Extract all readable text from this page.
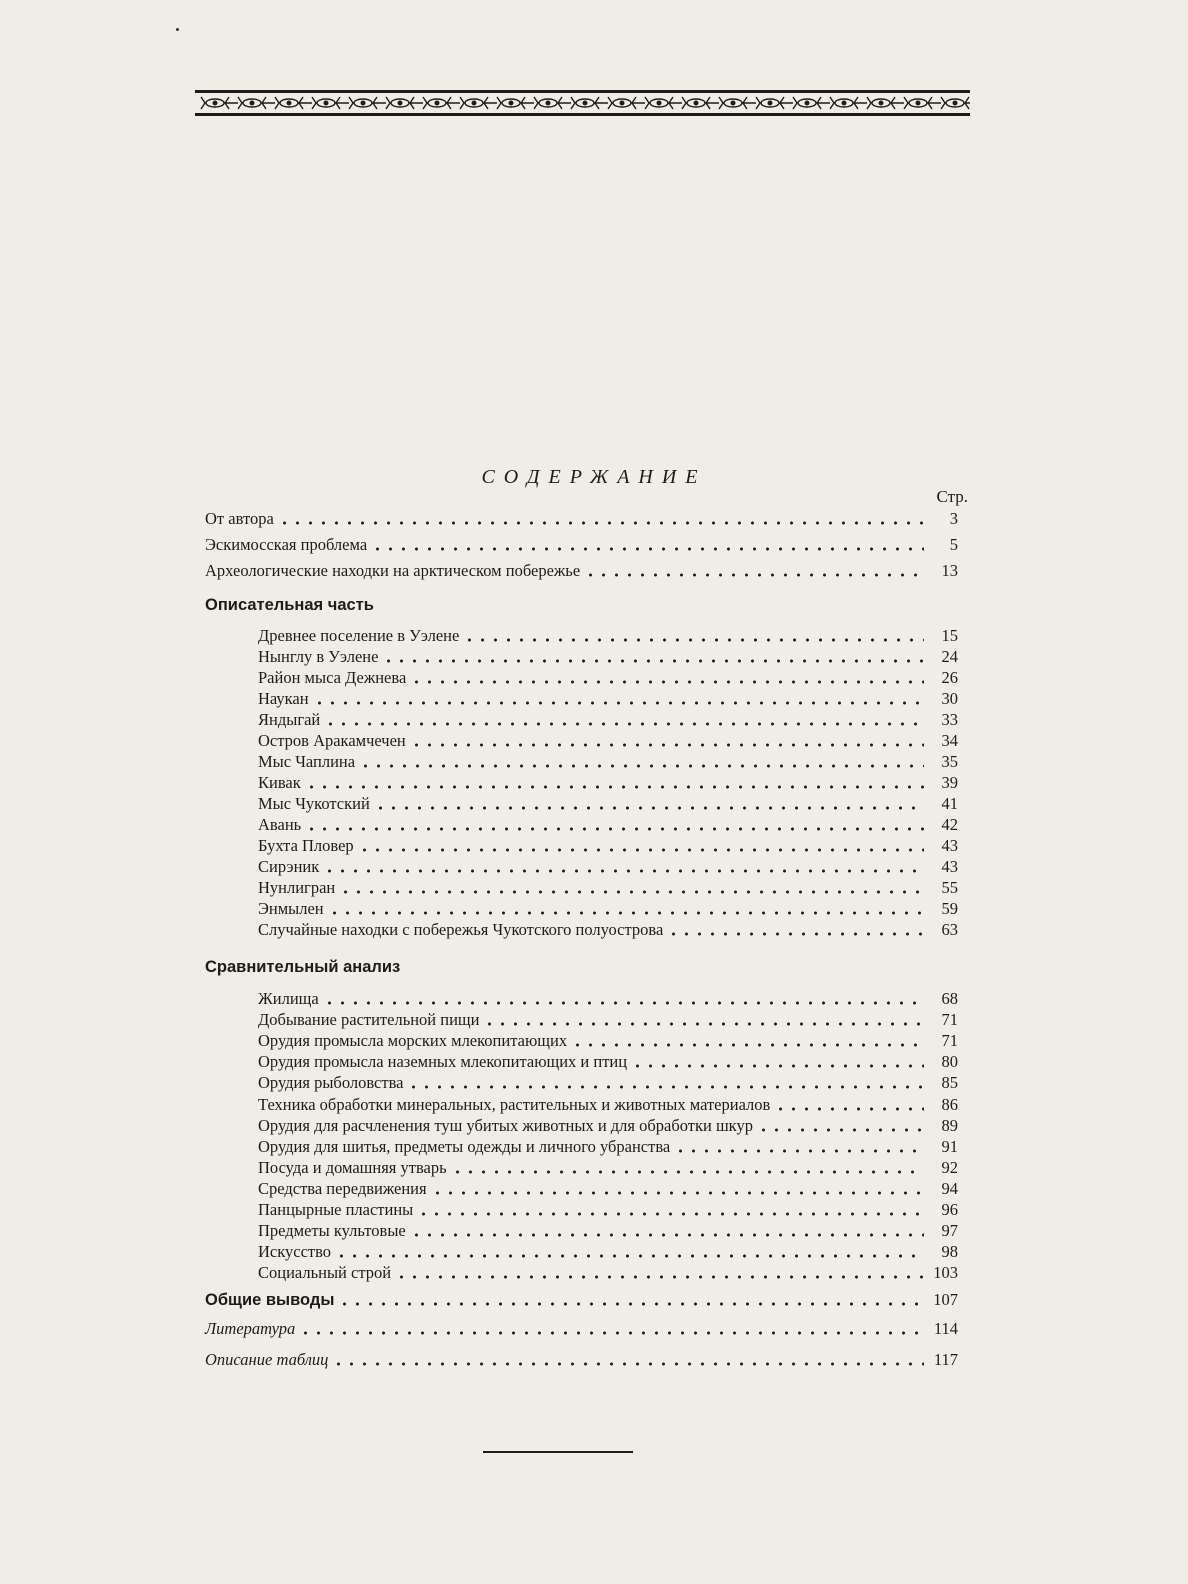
СОДЕРЖАНИЕ
Стр.
От автора	3
Эскимосская проблема	5
Археологические находки на арктическом побережье	13
Описательная часть
Древнее поселение в Уэлене	15
Нынглу в Уэлене	24
Район мыса Дежнева	26
Наукан	30
Яндыгай	33
Остров Аракамчечен	34
Мыс Чаплина	35
Кивак	39
Мыс Чукотский	41
Авань	42
Бухта Пловер	43
Сирэник	43
Нунлигран	55
Энмылен	59
Случайные находки с побережья Чукотского полуострова	63
Сравнительный анализ
Жилища	68
Добывание растительной пищи	71
Орудия промысла морских млекопитающих	71
Орудия промысла наземных млекопитающих и птиц	80
Орудия рыболовства	85
Техника обработки минеральных, растительных и животных материалов	86
Орудия для расчленения туш убитых животных и для обработки шкур	89
Орудия для шитья, предметы одежды и личного убранства	91
Посуда и домашняя утварь	92
Средства передвижения	94
Панцырные пластины	96
Предметы культовые	97
Искусство	98
Социальный строй	103
Общие выводы	107
Литература	114
Описание таблиц	117
